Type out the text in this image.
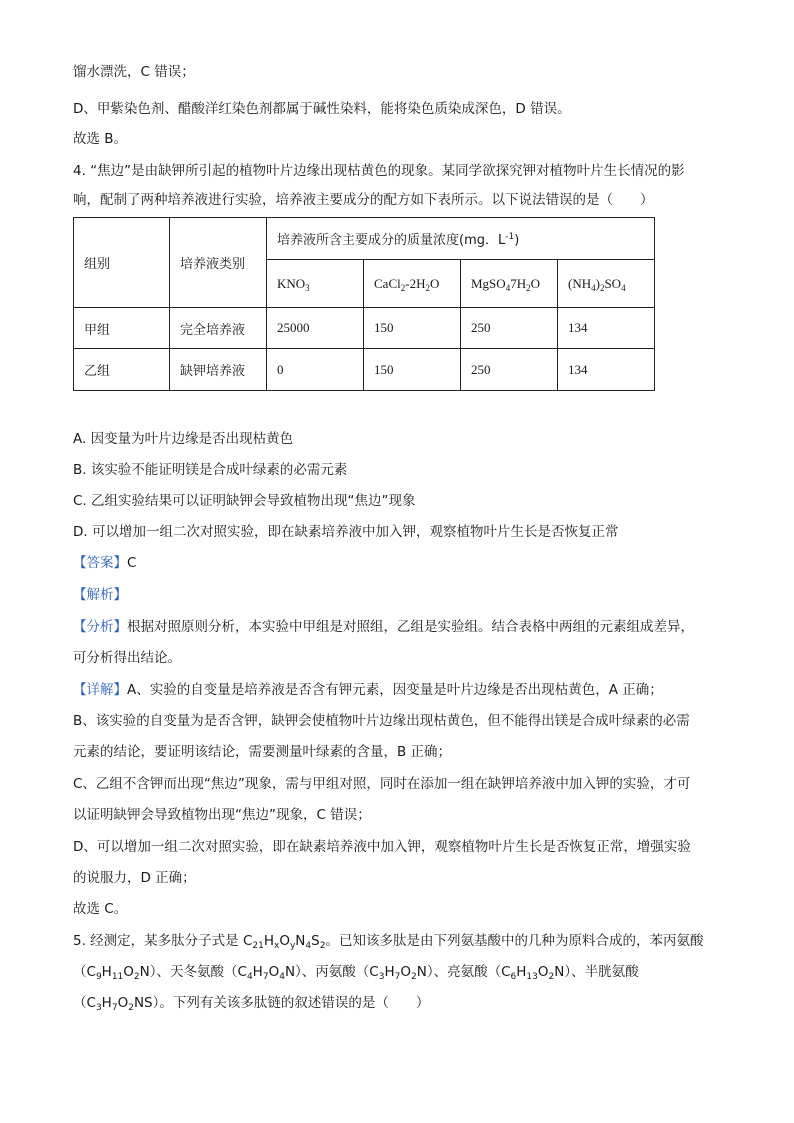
馏水漂洗，C 错误；
D、甲紫染色剂、醋酸洋红染色剂都属于碱性染料，能将染色质染成深色，D 错误。
故选 B。
4. “焦边”是由缺钾所引起的植物叶片边缘出现枯黄色的现象。某同学欲探究钾对植物叶片生长情况的影
响，配制了两种培养液进行实验，培养液主要成分的配方如下表所示。以下说法错误的是（　　）
组别	培养液类别	培养液所含主要成分的质量浓度(mg．$L^{-1}$)			
		$KNO_3$	$CaCl_2-2H_2O$	$MgSO_47H_2O$	$(NH_4)_2SO_4$
甲组	完全培养液	25000	150	250	134
乙组	缺钾培养液	0	150	250	134
A. 因变量为叶片边缘是否出现枯黄色
B. 该实验不能证明镁是合成叶绿素的必需元素
C. 乙组实验结果可以证明缺钾会导致植物出现“焦边”现象
D. 可以增加一组二次对照实验，即在缺素培养液中加入钾，观察植物叶片生长是否恢复正常
【答案】C
【解析】
【分析】根据对照原则分析，本实验中甲组是对照组，乙组是实验组。结合表格中两组的元素组成差异，
可分析得出结论。
【详解】A、实验的自变量是培养液是否含有钾元素，因变量是叶片边缘是否出现枯黄色，A 正确；
B、该实验的自变量为是否含钾，缺钾会使植物叶片边缘出现枯黄色，但不能得出镁是合成叶绿素的必需
元素的结论，要证明该结论，需要测量叶绿素的含量，B 正确；
C、乙组不含钾而出现“焦边”现象，需与甲组对照，同时在添加一组在缺钾培养液中加入钾的实验，才可
以证明缺钾会导致植物出现“焦边”现象，C 错误；
D、可以增加一组二次对照实验，即在缺素培养液中加入钾，观察植物叶片生长是否恢复正常，增强实验
的说服力，D 正确；
故选 C。
5. 经测定，某多肽分子式是 $C_{21}H_xO_yN_4S_2$。已知该多肽是由下列氨基酸中的几种为原料合成的，苯丙氨酸
$(C_9H_{11}O_2N)$、天冬氨酸$(C_4H_7O_4N)$、丙氨酸$(C_3H_7O_2N)$、亮氨酸$(C_6H_{13}O_2N)$、半胱氨酸
$(C_3H_7O_2NS)$。下列有关该多肽链的叙述错误的是（　　）
